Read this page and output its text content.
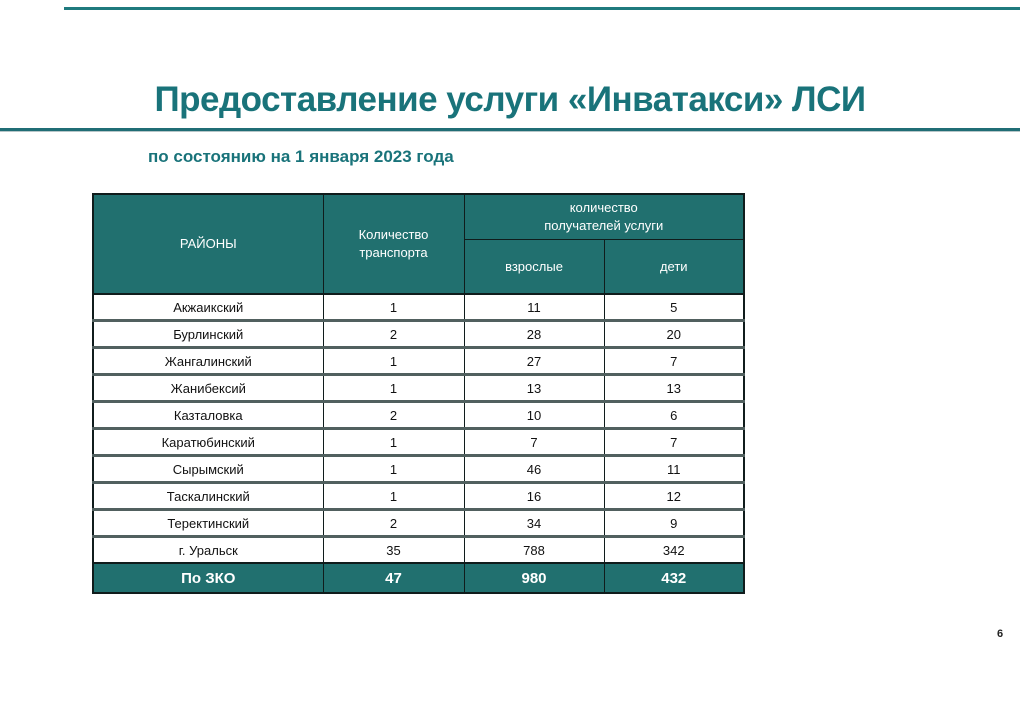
Предоставление услуги «Инватакси» ЛСИ
по состоянию на 1 января 2023 года
РАЙОНЫ	Количество транспорта	количество получателей услуги	

		взрослые	дети
Акжаикский	1	11	5
Бурлинский	2	28	20
Жангалинский	1	27	7
Жанибексий	1	13	13
Казталовка	2	10	6
Каратюбинский	1	7	7
Сырымский	1	46	11
Таскалинский	1	16	12
Теректинский	2	34	9
г. Уральск	35	788	342
По ЗКО	47	980	432
6
